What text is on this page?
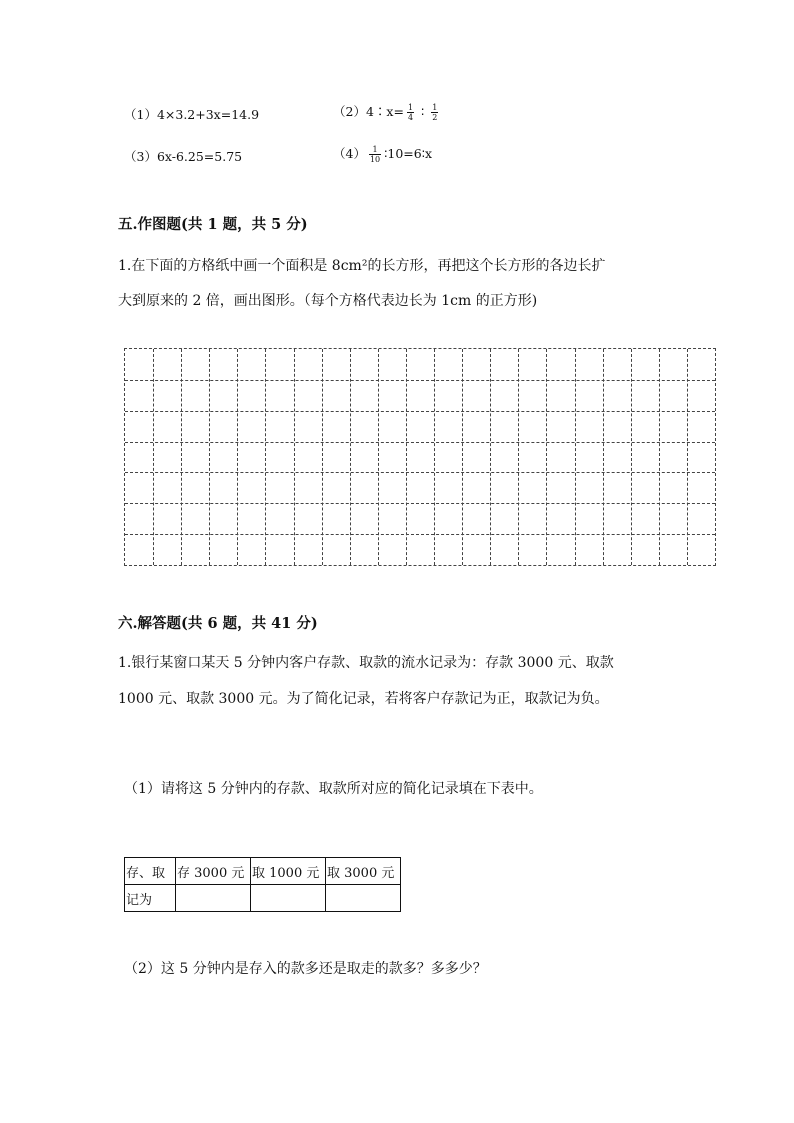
（1）4×3.2+3x=14.9	（2）4∶x= $\frac{1}{4}$ ∶ $\frac{1}{2}$
（3）6x-6.25=5.75	$(4) \frac{1}{10}$ ∶10=6∶x
五.作图题(共 1 题，共 5 分)
1.在下面的方格纸中画一个面积是 8cm²的长方形，再把这个长方形的各边长扩
大到原来的 2 倍，画出图形。（每个方格代表边长为 1cm 的正方形)
六.解答题(共 6 题，共 41 分)
1.银行某窗口某天 5 分钟内客户存款、取款的流水记录为：存款 3000 元、取款
1000 元、取款 3000 元。为了简化记录，若将客户存款记为正，取款记为负。
（1）请将这 5 分钟内的存款、取款所对应的简化记录填在下表中。
存、取	存 3000 元	取 1000 元	取 3000 元
记为			
（2）这 5 分钟内是存入的款多还是取走的款多？多多少？
